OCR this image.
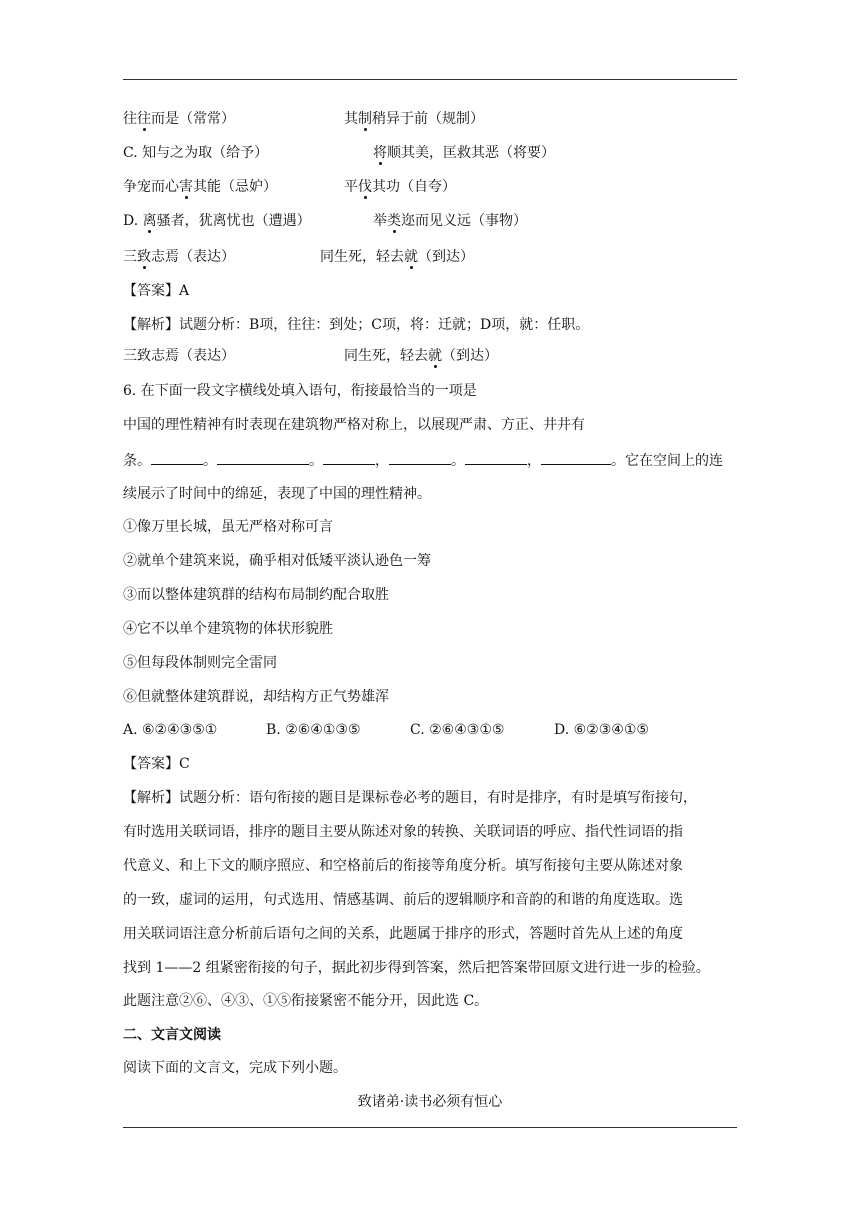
往往而是（常常）	其制稍异于前（规制）
C. 知与之为取（给予）	将顺其美，匡救其恶（将要）
争宠而心害其能（忌妒）	平伐其功（自夸）
D. 离骚者，犹离忧也（遭遇）	举类迩而见义远（事物）
三致志焉（表达）	同生死，轻去就（到达）
【答案】A
【解析】试题分析：B项，往往：到处；C项，将：迁就；D项，就：任职。
三致志焉（表达）	同生死，轻去就（到达）
6. 在下面一段文字横线处填入语句，衔接最恰当的一项是
中国的理性精神有时表现在建筑物严格对称上，以展现严肃、方正、井井有
条。	。	。	，	。	，	。它在空间上的连
续展示了时间中的绵延，表现了中国的理性精神。
①像万里长城，虽无严格对称可言
②就单个建筑来说，确乎相对低矮平淡认逊色一筹
③而以整体建筑群的结构布局制约配合取胜
④它不以单个建筑物的体状形貌胜
⑤但每段体制则完全雷同
⑥但就整体建筑群说，却结构方正气势雄浑
A. ⑥②④③⑤①	B. ②⑥④①③⑤	C. ②⑥④③①⑤	D. ⑥②③④①⑤
【答案】C
【解析】试题分析：语句衔接的题目是课标卷必考的题目，有时是排序，有时是填写衔接句，
有时选用关联词语，排序的题目主要从陈述对象的转换、关联词语的呼应、指代性词语的指
代意义、和上下文的顺序照应、和空格前后的衔接等角度分析。填写衔接句主要从陈述对象
的一致，虚词的运用，句式选用、情感基调、前后的逻辑顺序和音韵的和谐的角度选取。选
用关联词语注意分析前后语句之间的关系，此题属于排序的形式，答题时首先从上述的角度
找到 1——2 组紧密衔接的句子，据此初步得到答案，然后把答案带回原文进行进一步的检验。
此题注意②⑥、④③、①⑤衔接紧密不能分开，因此选 C。
二、文言文阅读
阅读下面的文言文，完成下列小题。
致诸弟·读书必须有恒心
